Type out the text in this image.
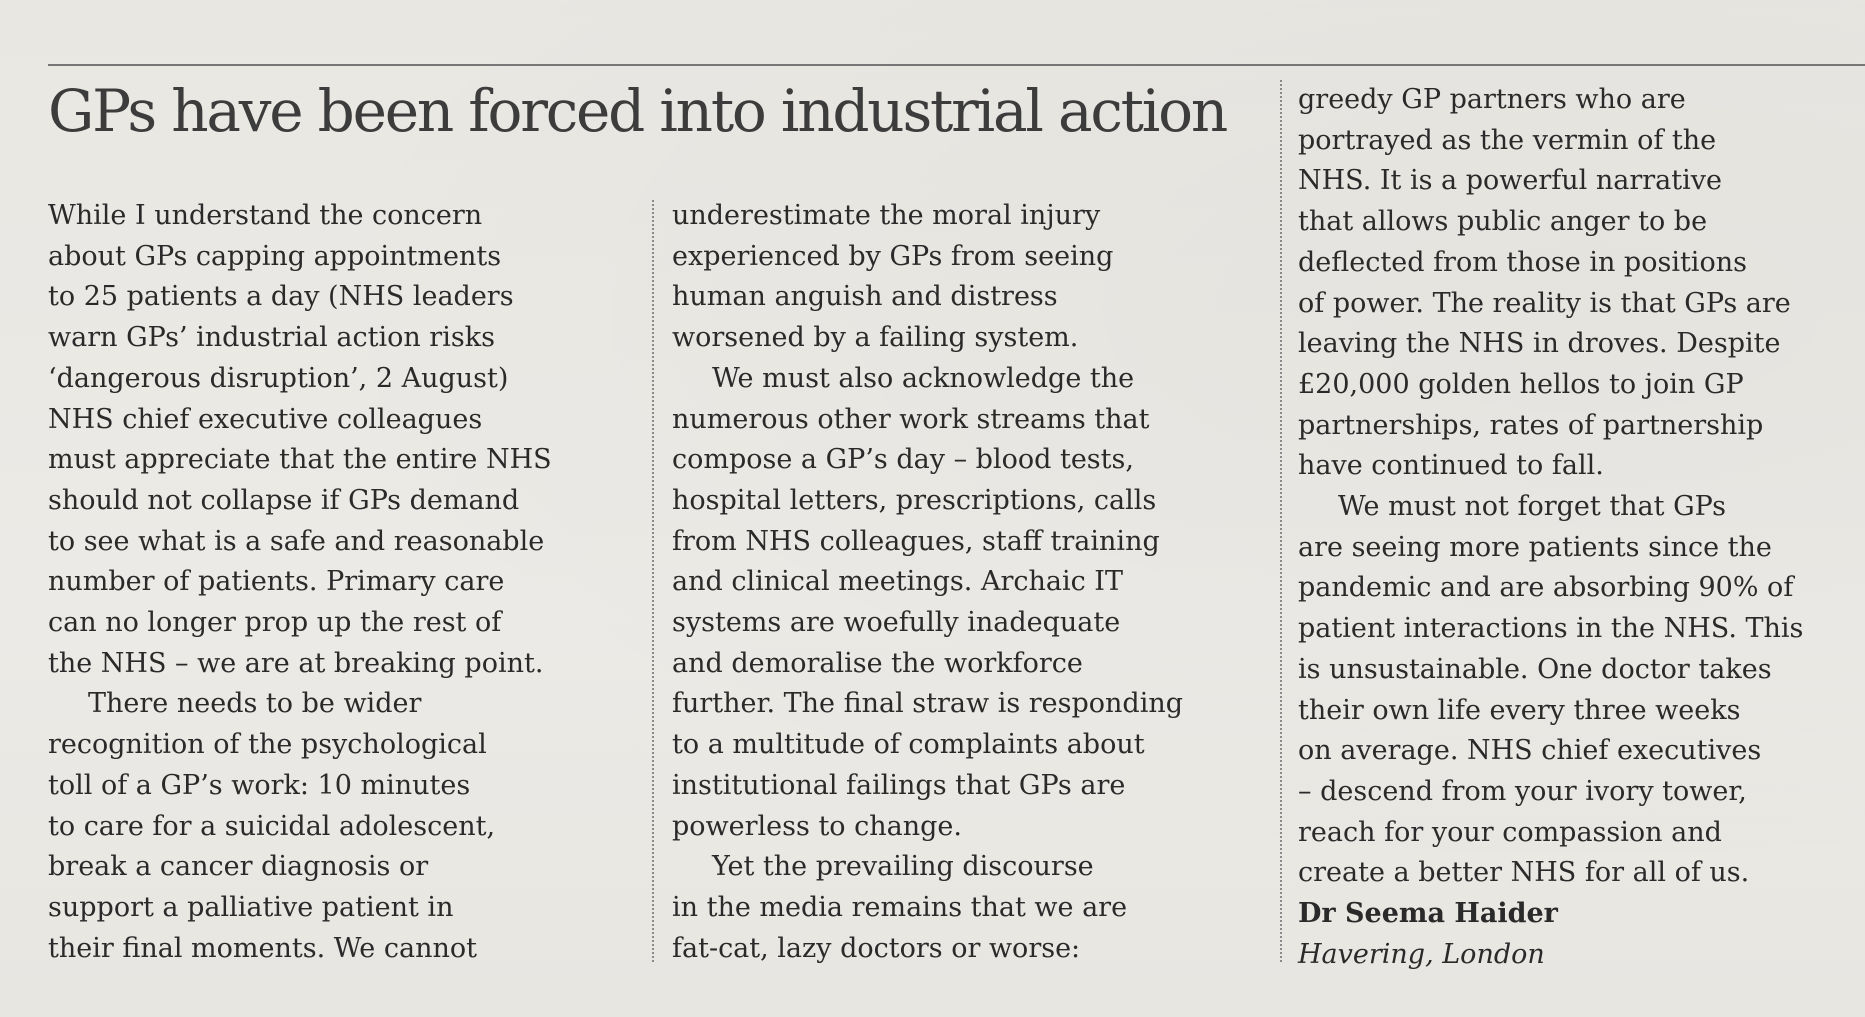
GPs have been forced into industrial action
While I understand the concern
about GPs capping appointments
to 25 patients a day (NHS leaders
warn GPs’ industrial action risks
‘dangerous disruption’, 2 August)
NHS chief executive colleagues
must appreciate that the entire NHS
should not collapse if GPs demand
to see what is a safe and reasonable
number of patients. Primary care
can no longer prop up the rest of
the NHS – we are at breaking point.
There needs to be wider
recognition of the psychological
toll of a GP’s work: 10 minutes
to care for a suicidal adolescent,
break a cancer diagnosis or
support a palliative patient in
their final moments. We cannot
underestimate the moral injury
experienced by GPs from seeing
human anguish and distress
worsened by a failing system.
We must also acknowledge the
numerous other work streams that
compose a GP’s day – blood tests,
hospital letters, prescriptions, calls
from NHS colleagues, staff training
and clinical meetings. Archaic IT
systems are woefully inadequate
and demoralise the workforce
further. The final straw is responding
to a multitude of complaints about
institutional failings that GPs are
powerless to change.
Yet the prevailing discourse
in the media remains that we are
fat-cat, lazy doctors or worse:
greedy GP partners who are
portrayed as the vermin of the
NHS. It is a powerful narrative
that allows public anger to be
deflected from those in positions
of power. The reality is that GPs are
leaving the NHS in droves. Despite
£20,000 golden hellos to join GP
partnerships, rates of partnership
have continued to fall.
We must not forget that GPs
are seeing more patients since the
pandemic and are absorbing 90% of
patient interactions in the NHS. This
is unsustainable. One doctor takes
their own life every three weeks
on average. NHS chief executives
– descend from your ivory tower,
reach for your compassion and
create a better NHS for all of us.
Dr Seema Haider
Havering, London
